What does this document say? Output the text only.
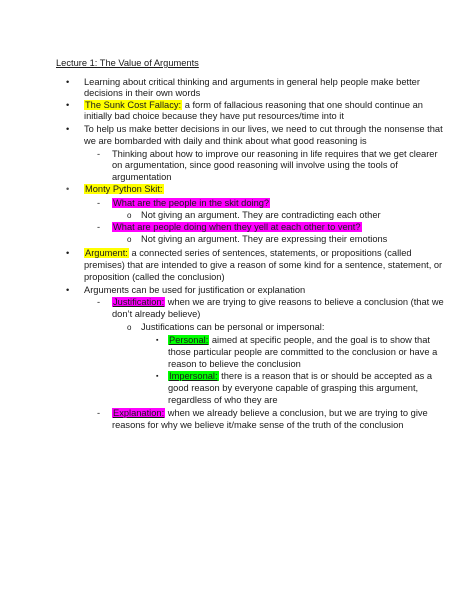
Lecture 1: The Value of Arguments
• Learning about critical thinking and arguments in general help people make better
decisions in their own words
• The Sunk Cost Fallacy: a form of fallacious reasoning that one should continue an
initially bad choice because they have put resources/time into it
• To help us make better decisions in our lives, we need to cut through the nonsense that
we are bombarded with daily and think about what good reasoning is
- Thinking about how to improve our reasoning in life requires that we get clearer
on argumentation, since good reasoning will involve using the tools of
argumentation
• Monty Python Skit:
- What are the people in the skit doing?
o Not giving an argument. They are contradicting each other
- What are people doing when they yell at each other to vent?
o Not giving an argument. They are expressing their emotions
• Argument: a connected series of sentences, statements, or propositions (called
premises) that are intended to give a reason of some kind for a sentence, statement, or
proposition (called the conclusion)
• Arguments can be used for justification or explanation
- Justification: when we are trying to give reasons to believe a conclusion (that we
don’t already believe)
o Justifications can be personal or impersonal:
▪ Personal: aimed at specific people, and the goal is to show that
those particular people are committed to the conclusion or have a
reason to believe the conclusion
▪ Impersonal: there is a reason that is or should be accepted as a
good reason by everyone capable of grasping this argument,
regardless of who they are
- Explanation: when we already believe a conclusion, but we are trying to give
reasons for why we believe it/make sense of the truth of the conclusion
